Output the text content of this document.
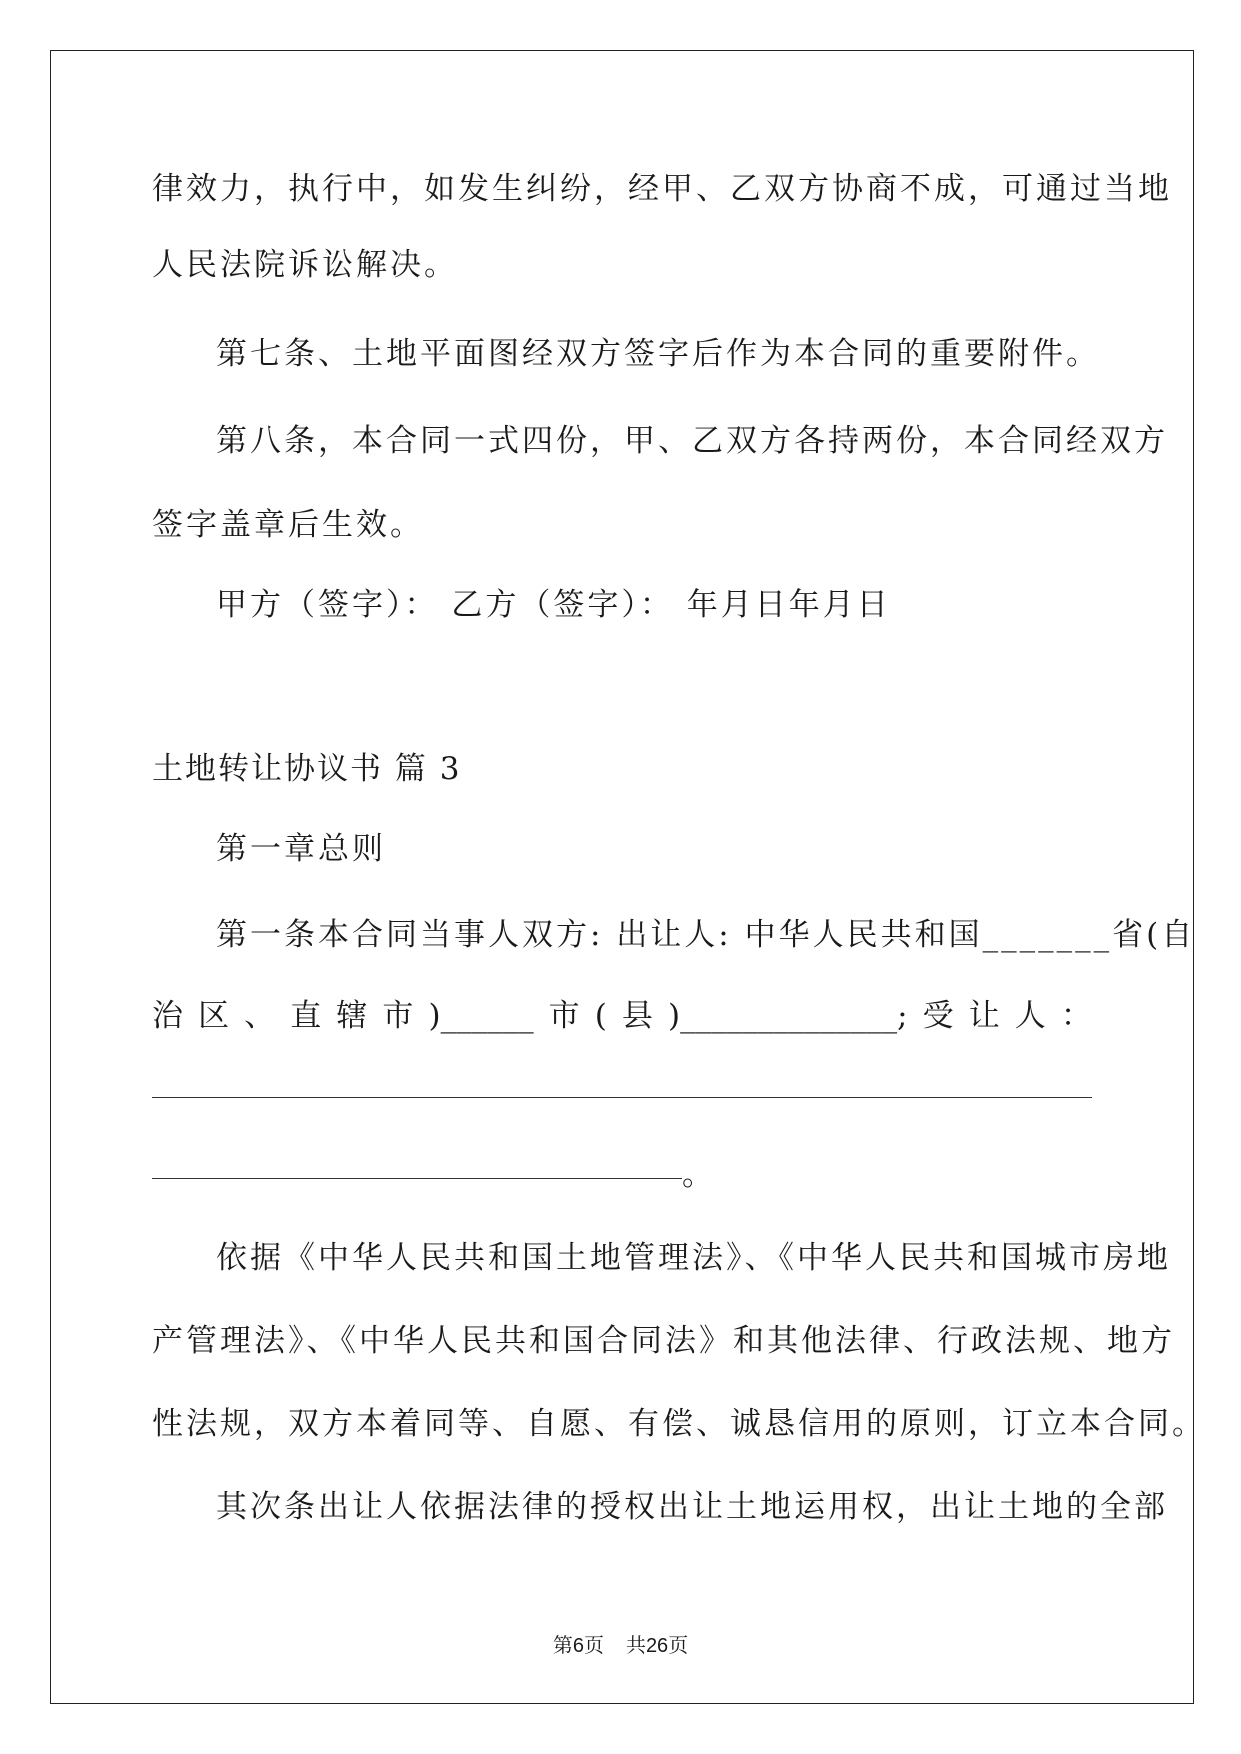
律效力，执行中，如发生纠纷，经甲、乙双方协商不成，可通过当地
人民法院诉讼解决。
第七条、土地平面图经双方签字后作为本合同的重要附件。
第八条，本合同一式四份，甲、乙双方各持两份，本合同经双方
签字盖章后生效。
甲方（签字）： 乙方（签字）： 年月日年月日
土地转让协议书 篇 3
第一章总则
第一条本合同当事人双方: 出让人: 中华人民共和国_______省(自
治 区 、 直 辖 市 )______ 市 ( 县 )______________; 受 让 人 ：
。
依据《中华人民共和国土地管理法》、《中华人民共和国城市房地
产管理法》、《中华人民共和国合同法》和其他法律、行政法规、地方
性法规，双方本着同等、自愿、有偿、诚恳信用的原则，订立本合同。
其次条出让人依据法律的授权出让土地运用权，出让土地的全部
第6页 共26页
